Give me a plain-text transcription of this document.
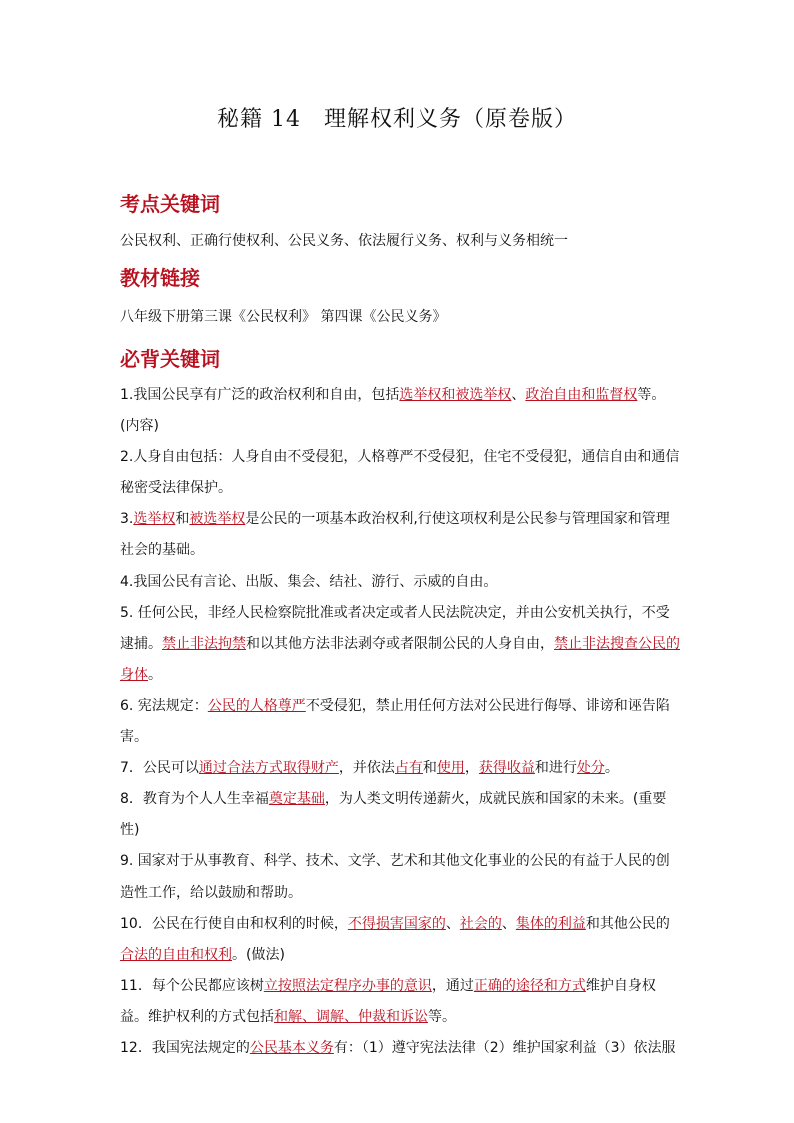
秘籍 14　理解权利义务（原卷版）
考点关键词
公民权利、正确行使权利、公民义务、依法履行义务、权利与义务相统一
教材链接
八年级下册第三课《公民权利》 第四课《公民义务》
必背关键词

1.我国公民享有广泛的政治权利和自由，包括选举权和被选举权、政治自由和监督权等。(内容)

2.人身自由包括：人身自由不受侵犯，人格尊严不受侵犯，住宅不受侵犯，通信自由和通信秘密受法律保护。

3.选举权和被选举权是公民的一项基本政治权利,行使这项权利是公民参与管理国家和管理社会的基础。

4.我国公民有言论、出版、集会、结社、游行、示威的自由。

5. 任何公民，非经人民检察院批准或者决定或者人民法院决定，并由公安机关执行，不受逮捕。禁止非法拘禁和以其他方法非法剥夺或者限制公民的人身自由，禁止非法搜查公民的身体。

6. 宪法规定：公民的人格尊严不受侵犯，禁止用任何方法对公民进行侮辱、诽谤和诬告陷害。

7．公民可以通过合法方式取得财产，并依法占有和使用，获得收益和进行处分。

8．教育为个人人生幸福奠定基础，为人类文明传递薪火，成就民族和国家的未来。(重要性)

9. 国家对于从事教育、科学、技术、文学、艺术和其他文化事业的公民的有益于人民的创造性工作，给以鼓励和帮助。

10．公民在行使自由和权利的时候，不得损害国家的、社会的、集体的利益和其他公民的合法的自由和权利。(做法)

11．每个公民都应该树立按照法定程序办事的意识，通过正确的途径和方式维护自身权益。维护权利的方式包括和解、调解、仲裁和诉讼等。

12．我国宪法规定的公民基本义务有：（1）遵守宪法法律（2）维护国家利益（3）依法服
